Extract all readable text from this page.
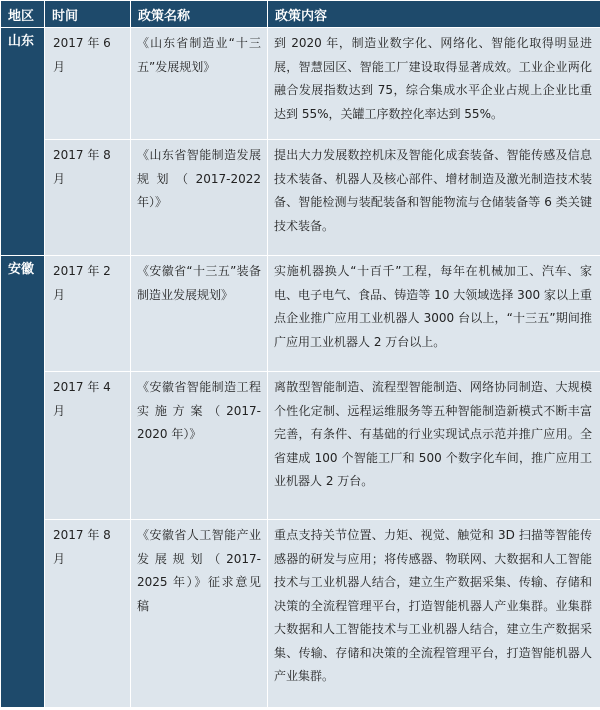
地区	时间	政策名称	政策内容
山东	2017 年 6 月	《山东省制造业“十三五”发展规划》	到 2020 年，制造业数字化、网络化、智能化取得明显进展，智慧园区、智能工厂建设取得显著成效。工业企业两化融合发展指数达到 75，综合集成水平企业占规上企业比重达到 55%，关罐工序数控化率达到 55%。
	2017 年 8 月	《山东省智能制造发展规划（2017-2022 年）》	提出大力发展数控机床及智能化成套装备、智能传感及信息技术装备、机器人及核心部件、增材制造及激光制造技术装备、智能检测与装配装备和智能物流与仓储装备等 6 类关键技术装备。
安徽	2017 年 2 月	《安徽省“十三五”装备制造业发展规划》	实施机器换人“十百千”工程，每年在机械加工、汽车、家电、电子电气、食品、铸造等 10 大领域选择 300 家以上重点企业推广应用工业机器人 3000 台以上，“十三五”期间推广应用工业机器人 2 万台以上。
	2017 年 4 月	《安徽省智能制造工程实施方案（2017-2020 年）》	离散型智能制造、流程型智能制造、网络协同制造、大规模个性化定制、远程运维服务等五种智能制造新模式不断丰富完善，有条件、有基础的行业实现试点示范并推广应用。全省建成 100 个智能工厂和 500 个数字化车间，推广应用工业机器人 2 万台。
	2017 年 8 月	《安徽省人工智能产业发展规划（2017-2025 年）》征求意见稿	重点支持关节位置、力矩、视觉、触觉和 3D 扫描等智能传感器的研发与应用；将传感器、物联网、大数据和人工智能技术与工业机器人结合，建立生产数据采集、传输、存储和决策的全流程管理平台，打造智能机器人产业集群。业集群大数据和人工智能技术与工业机器人结合，建立生产数据采集、传输、存储和决策的全流程管理平台，打造智能机器人产业集群。
